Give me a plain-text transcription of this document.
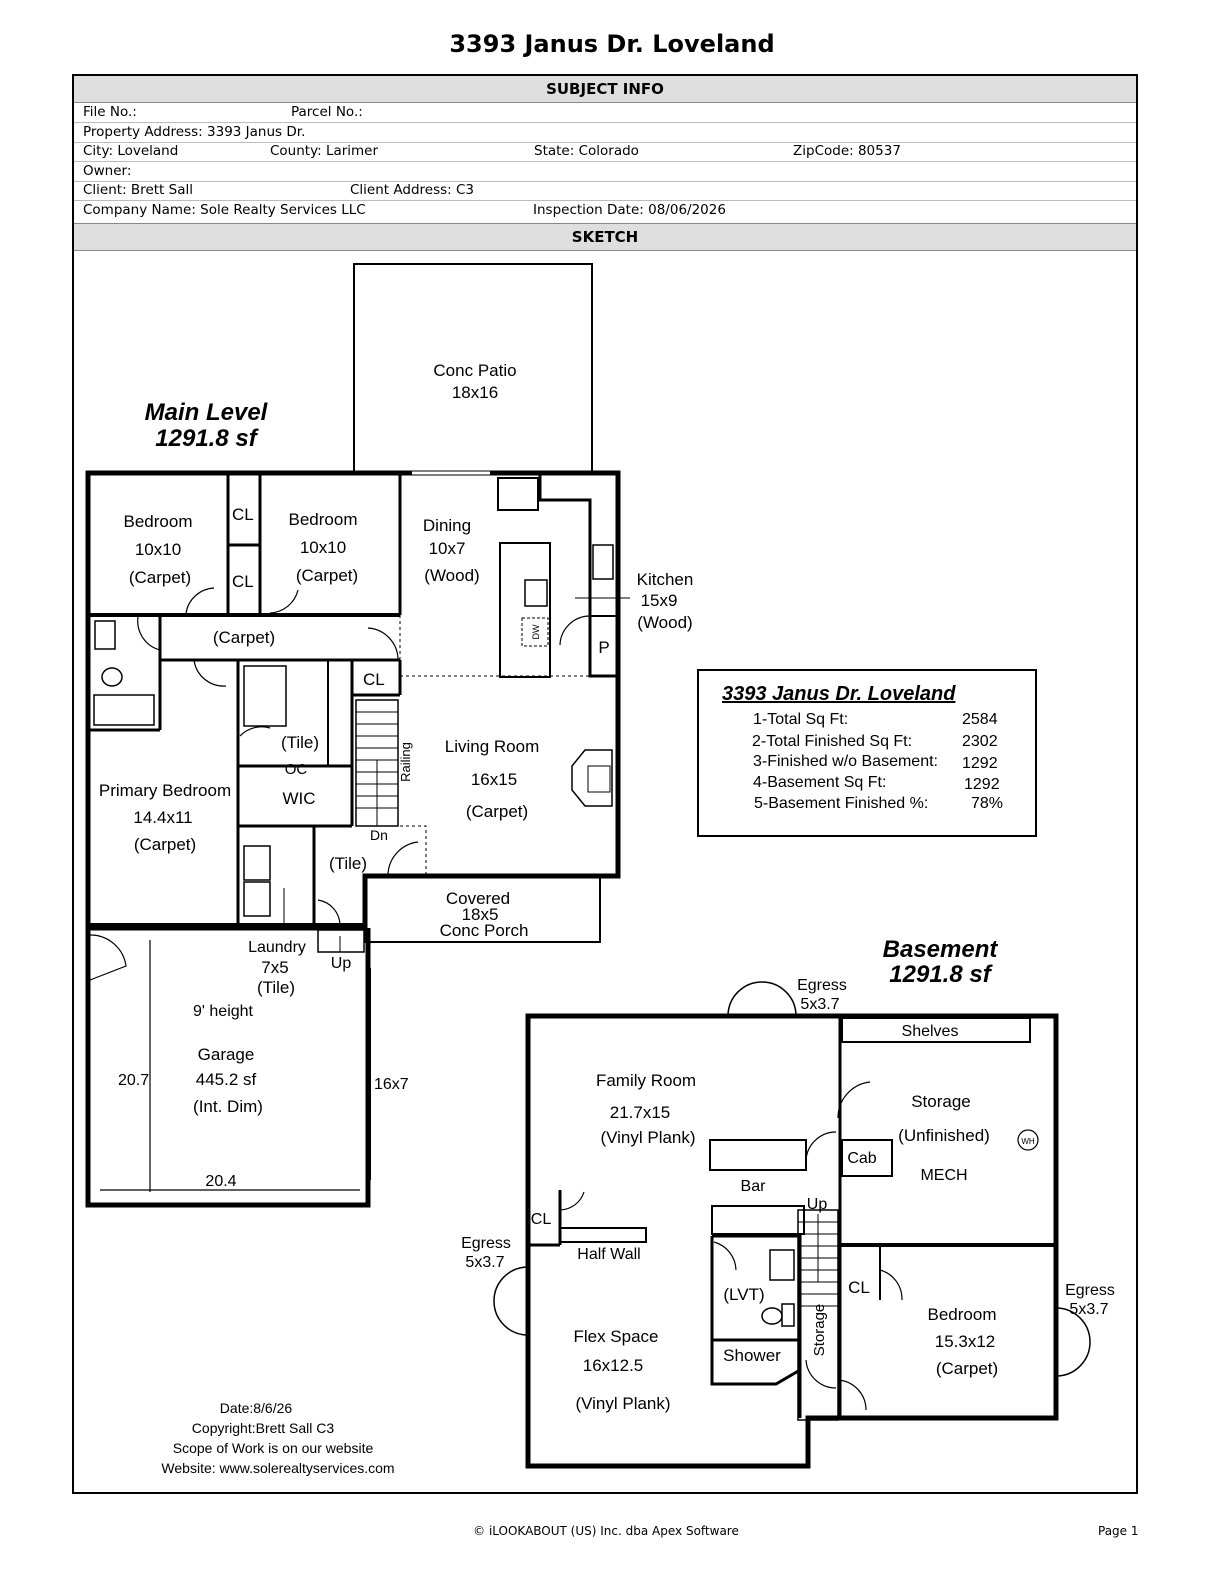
3393 Janus Dr. Loveland
SUBJECT INFO
File No.:	Parcel No.:
Property Address: 3393 Janus Dr.
City: Loveland	County: Larimer	State: Colorado	ZipCode: 80537
Owner:
Client: Brett Sall	Client Address: C3
Company Name: Sole Realty Services LLC	Inspection Date: 08/06/2026
SKETCH
Main Level
1291.8 sf
Basement
1291.8 sf
Conc Patio
18x16
Bedroom
10x10
(Carpet)
Bedroom
10x10
(Carpet)
CL
CL
CL
Dining
10x7
(Wood)	Kitchen
15x9
(Wood)
DW
P
(Carpet)
(Tile)
OC
WIC
Primary Bedroom
14.4x11
(Carpet)
Railing
Dn
Living Room
16x15
(Carpet)
(Tile)
Covered
18x5
Conc Porch
Laundry
7x5
(Tile)
Up
9' height
Garage
445.2 sf
(Int. Dim)
20.7
20.4
16x7
3393 Janus Dr. Loveland
1-Total Sq Ft:	2584
2-Total Finished Sq Ft:	2302
3-Finished w/o Basement: 1292
4-Basement Sq Ft:	1292
5-Basement Finished %:	78%
Egress
5x3.7
Shelves
Family Room
21.7x15
(Vinyl Plank)
Storage
(Unfinished)	WH
Cab
MECH
Bar
Up
CL
Half Wall
Egress
5x3.7
(LVT)
Shower Storage
CL
Bedroom
15.3x12
(Carpet)
Egress
5x3.7
Flex Space
16x12.5
(Vinyl Plank)
Date:8/6/26
Copyright:Brett Sall C3
Scope of Work is on our website
Website: www.solerealtyservices.com
© iLOOKABOUT (US) Inc. dba Apex Software	Page 1
